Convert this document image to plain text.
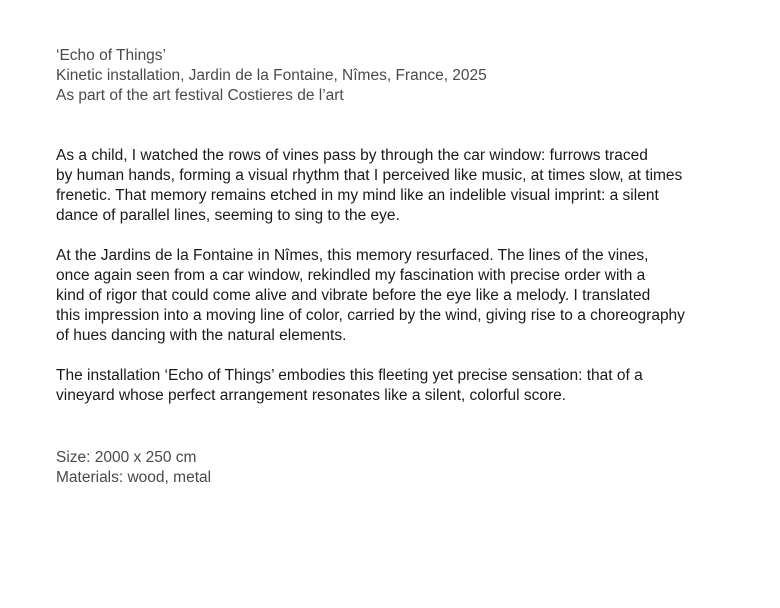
‘Echo of Things’
Kinetic installation, Jardin de la Fontaine, Nîmes, France, 2025
As part of the art festival Costieres de l’art
As a child, I watched the rows of vines pass by through the car window: furrows traced
by human hands, forming a visual rhythm that I perceived like music, at times slow, at times
frenetic. That memory remains etched in my mind like an indelible visual imprint: a silent
dance of parallel lines, seeming to sing to the eye.
At the Jardins de la Fontaine in Nîmes, this memory resurfaced. The lines of the vines,
once again seen from a car window, rekindled my fascination with precise order with a
kind of rigor that could come alive and vibrate before the eye like a melody. I translated
this impression into a moving line of color, carried by the wind, giving rise to a choreography
of hues dancing with the natural elements.
The installation ‘Echo of Things’ embodies this fleeting yet precise sensation: that of a
vineyard whose perfect arrangement resonates like a silent, colorful score.
Size: 2000 x 250 cm
Materials: wood, metal
